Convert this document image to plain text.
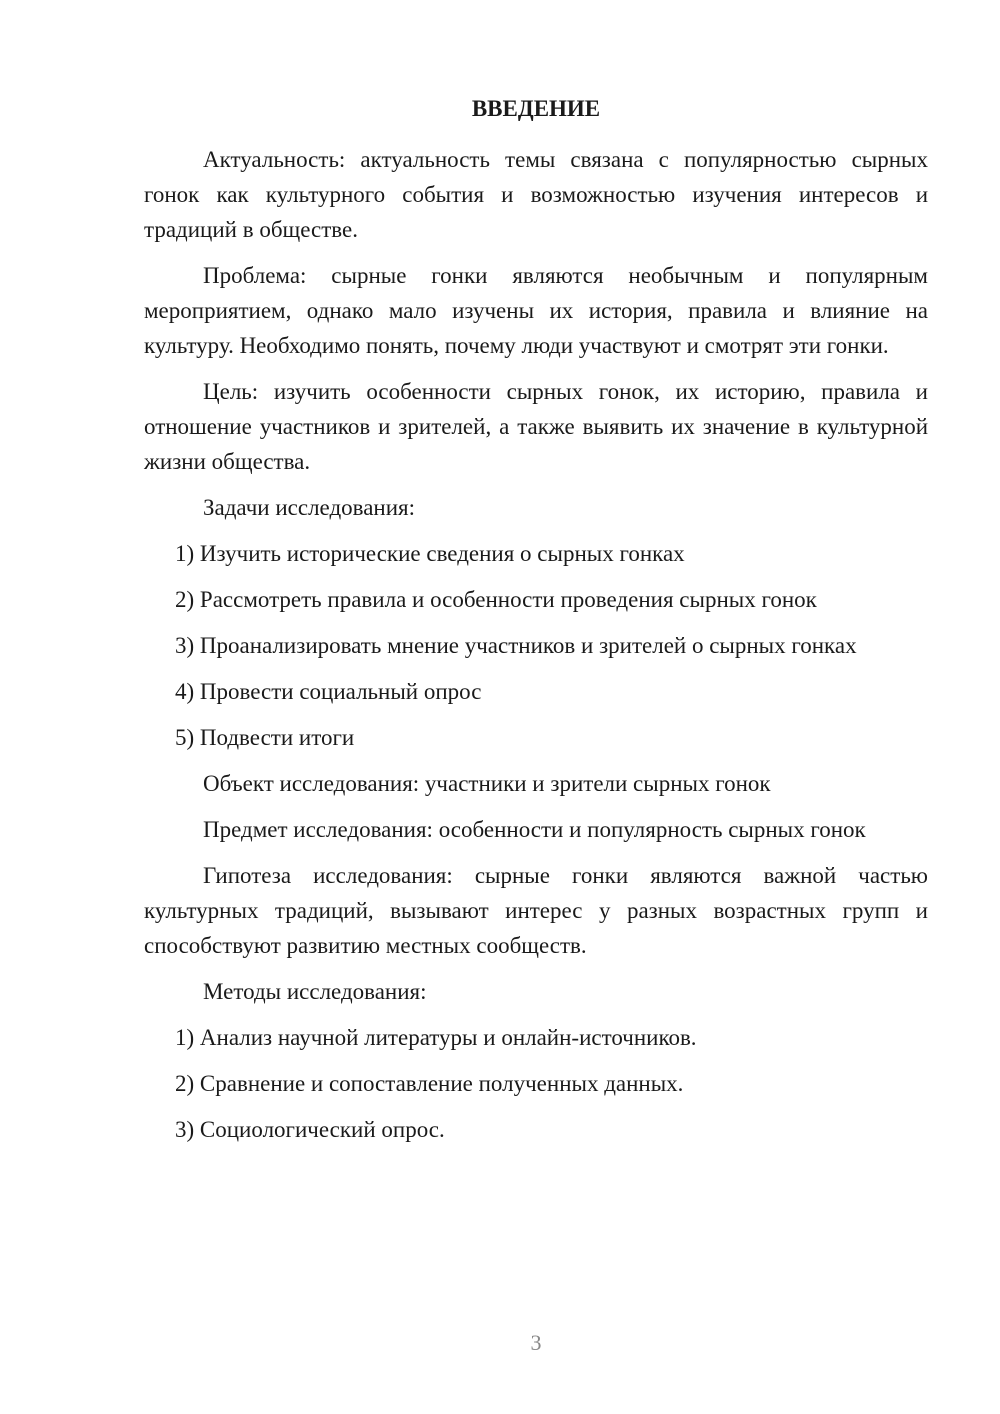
ВВЕДЕНИЕ

Актуальность: актуальность темы связана с популярностью сырных гонок как культурного события и возможностью изучения интересов и традиций в обществе.

Проблема: сырные гонки являются необычным и популярным мероприятием, однако мало изучены их история, правила и влияние на культуру. Необходимо понять, почему люди участвуют и смотрят эти гонки.

Цель: изучить особенности сырных гонок, их историю, правила и отношение участников и зрителей, а также выявить их значение в культурной жизни общества.

Задачи исследования:

1) Изучить исторические сведения о сырных гонках

2) Рассмотреть правила и особенности проведения сырных гонок

3) Проанализировать мнение участников и зрителей о сырных гонках

4) Провести социальный опрос

5) Подвести итоги

Объект исследования: участники и зрители сырных гонок

Предмет исследования: особенности и популярность сырных гонок

Гипотеза исследования: сырные гонки являются важной частью культурных традиций, вызывают интерес у разных возрастных групп и способствуют развитию местных сообществ.

Методы исследования:

1) Анализ научной литературы и онлайн-источников.

2) Сравнение и сопоставление полученных данных.

3) Социологический опрос.

3
